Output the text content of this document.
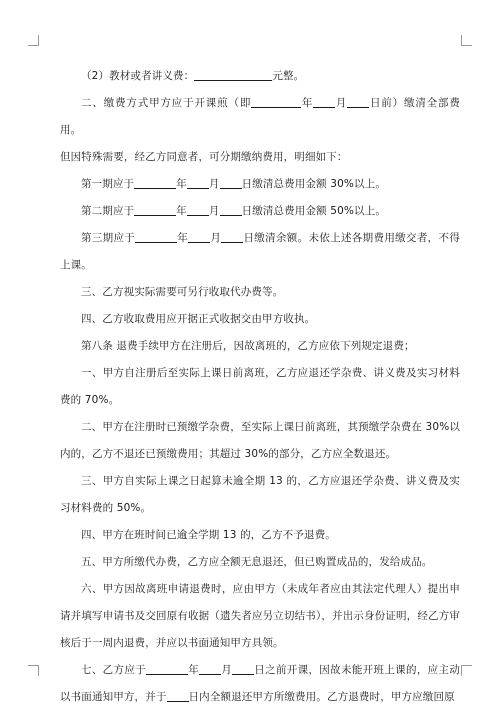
（2）教材或者讲义费：	元整。

二、缴费方式甲方应于开课煎（即	年 月 日前）缴清全部费用。

但因特殊需要，经乙方同意者，可分期缴纳费用，明细如下：

第一期应于	年 月 日缴清总费用金额 30%以上。

第二期应于	年 月 日缴清总费用金额 50%以上。

第三期应于	年 月 日缴清余额。未依上述各期费用缴交者，不得上课。

三、乙方视实际需要可另行收取代办费等。

四、乙方收取费用应开据正式收据交由甲方收执。

第八条 退费手续甲方在注册后，因故离班的，乙方应依下列规定退费；

一、甲方自注册后至实际上课日前离班，乙方应退还学杂费、讲义费及实习材料费的 70%。

二、甲方在注册时已预缴学杂费，至实际上课日前离班，其预缴学杂费在 30%以内的，乙方不退还已预缴费用；其超过 30%的部分，乙方应全数退还。

三、甲方自实际上课之日起算未逾全期 13 的，乙方应退还学杂费、讲义费及实习材料费的 50%。

四、甲方在班时间已逾全学期 13 的，乙方不予退费。

五、甲方所缴代办费，乙方应全额无息退还，但已购置成品的，发给成品。

六、甲方因故离班申请退费时，应由甲方（未成年者应由其法定代理人）提出申请并填写申请书及交回原有收据（遗失者应另立切结书），并出示身份证明，经乙方审核后于一周内退费，并应以书面通知甲方具领。

七、乙方应于	年 月 日之前开课，因故未能开班上课的，应主动以书面通知甲方，并于 日内全额退还甲方所缴费用。乙方退费时，甲方应缴回原
